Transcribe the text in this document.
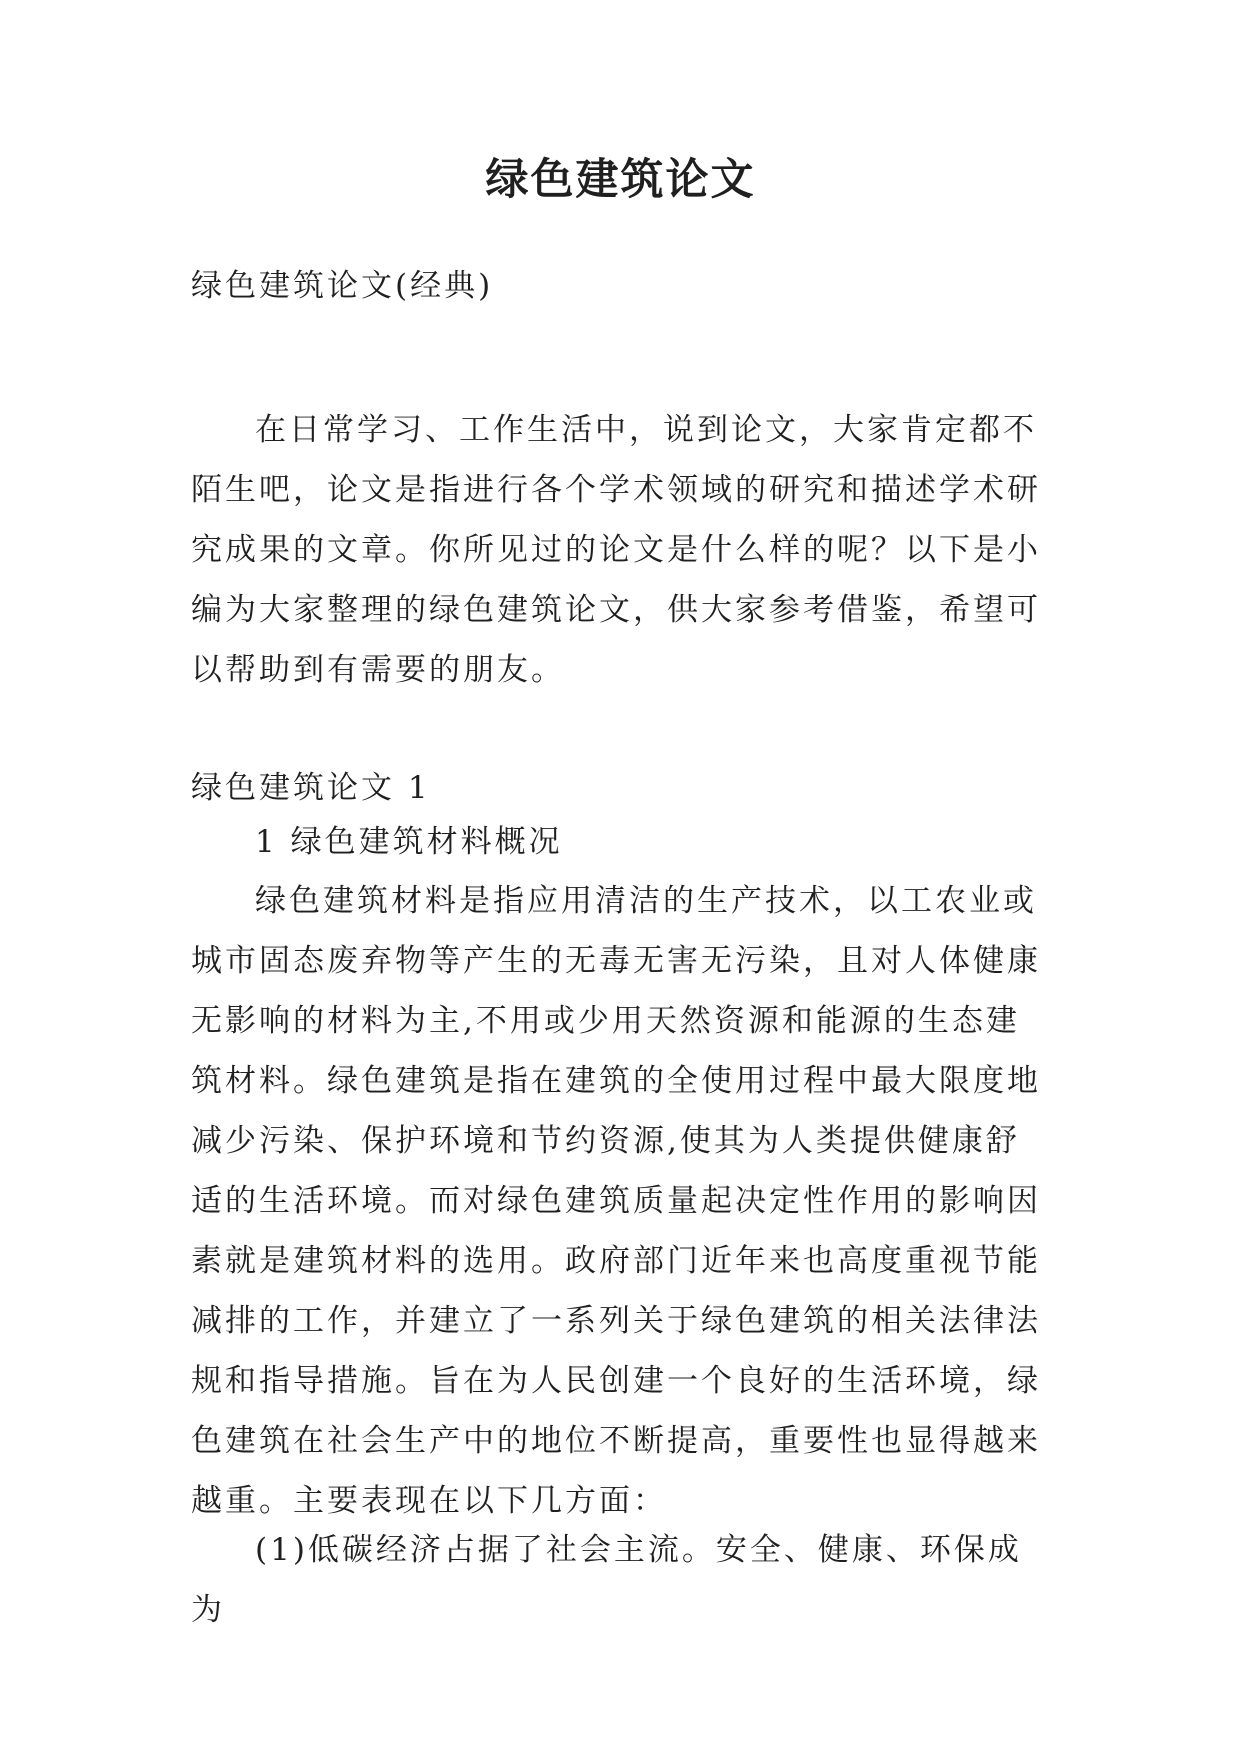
绿色建筑论文

绿色建筑论文(经典)

在日常学习、工作生活中，说到论文，大家肯定都不陌生吧，论文是指进行各个学术领域的研究和描述学术研究成果的文章。你所见过的论文是什么样的呢？以下是小编为大家整理的绿色建筑论文，供大家参考借鉴，希望可以帮助到有需要的朋友。

绿色建筑论文 1

1 绿色建筑材料概况

绿色建筑材料是指应用清洁的生产技术，以工农业或城市固态废弃物等产生的无毒无害无污染，且对人体健康无影响的材料为主,不用或少用天然资源和能源的生态建筑材料。绿色建筑是指在建筑的全使用过程中最大限度地减少污染、保护环境和节约资源,使其为人类提供健康舒适的生活环境。而对绿色建筑质量起决定性作用的影响因素就是建筑材料的选用。政府部门近年来也高度重视节能减排的工作，并建立了一系列关于绿色建筑的相关法律法规和指导措施。旨在为人民创建一个良好的生活环境，绿色建筑在社会生产中的地位不断提高，重要性也显得越来越重。主要表现在以下几方面：

(1)低碳经济占据了社会主流。安全、健康、环保成为
